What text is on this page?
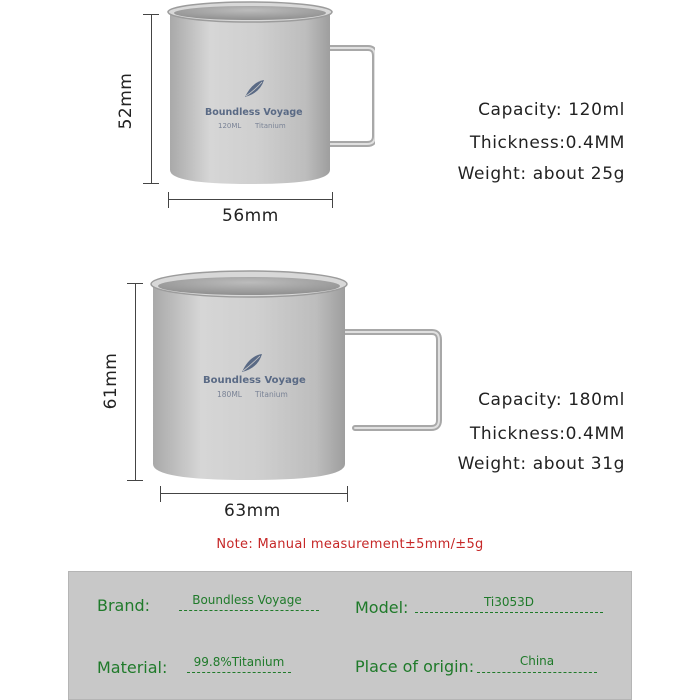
52mm	Boundless Voyage
120ML Titanium
56mm
Capacity: 120ml
Thickness:0.4MM
Weight: about 25g
61mm	Boundless Voyage
180ML Titanium
63mm
Capacity: 180ml
Thickness:0.4MM
Weight: about 31g
Note: Manual measurement±5mm/±5g
Brand:	Boundless Voyage	Model:	Ti3053D
Material:	99.8%Titanium	Place of origin:	China
